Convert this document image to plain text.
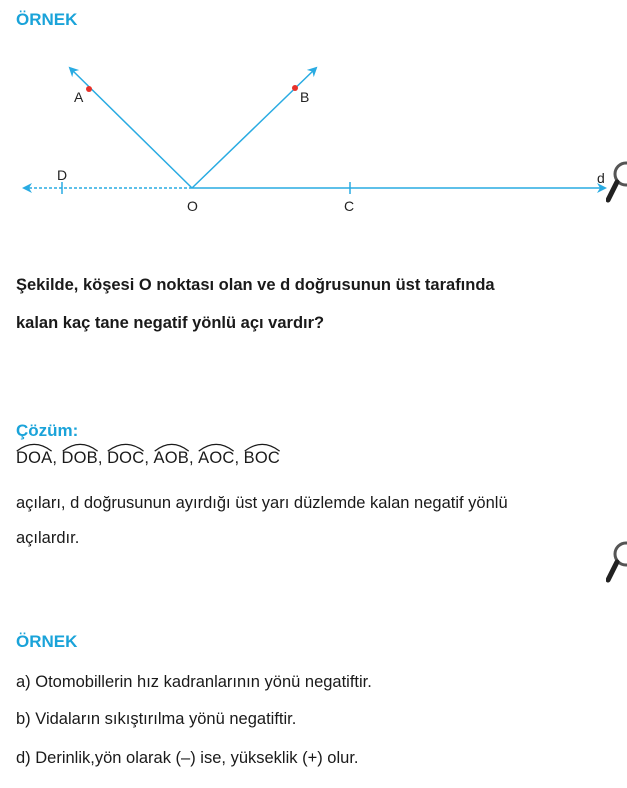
ÖRNEK
A	B
D
O	C
d
Şekilde, köşesi O noktası olan ve d doğrusunun üst tarafında
kalan kaç tane negatif yönlü açı vardır?
Çözüm:
DOA,
DOB,
DOC,
AOB,
AOC,
BOC
açıları, d doğrusunun ayırdığı üst yarı düzlemde kalan negatif yönlü
açılardır.
ÖRNEK
a) Otomobillerin hız kadranlarının yönü negatiftir.
b) Vidaların sıkıştırılma yönü negatiftir.
d) Derinlik,yön olarak (–) ise, yükseklik (+) olur.
